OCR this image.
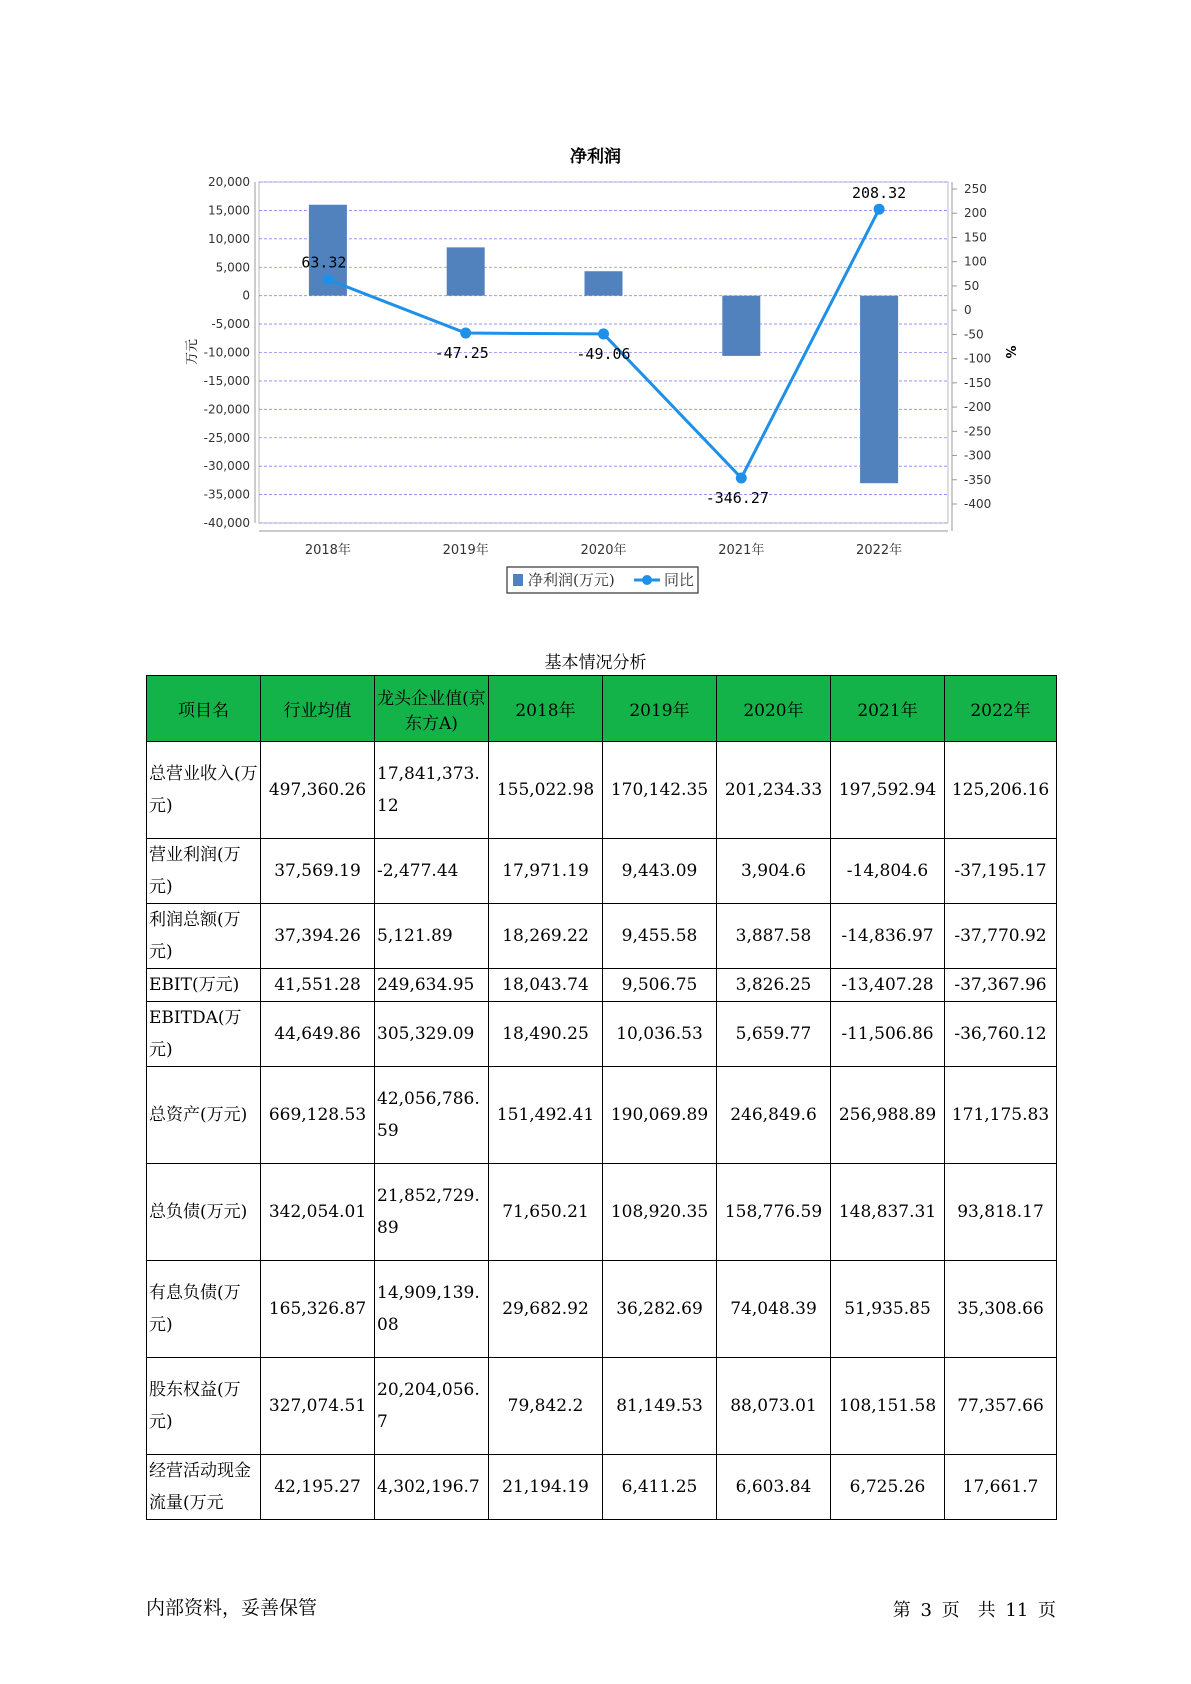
净利润
20,000
15,000
10,000
5,000
0
-5,000
-10,000
-15,000
-20,000
-25,000
-30,000
-35,000
-40,000
250
200
150
100
50
0
-50
-100
-150
-200
-250
-300
-350
-400
万元	%
2018年	2019年	2020年	2021年	2022年
63.32
-47.25	-49.06
-346.27
208.32
净利润(万元)	同比
基本情况分析
项目名	行业均值	龙头企业值(京东方A)	2018年	2019年	2020年	2021年	2022年
总营业收入(万元)	497,360.26	17,841,373.12	155,022.98	170,142.35	201,234.33	197,592.94	125,206.16
营业利润(万元)	37,569.19	-2,477.44	17,971.19	9,443.09	3,904.6	-14,804.6	-37,195.17
利润总额(万元)	37,394.26	5,121.89	18,269.22	9,455.58	3,887.58	-14,836.97	-37,770.92
EBIT(万元)	41,551.28	249,634.95	18,043.74	9,506.75	3,826.25	-13,407.28	-37,367.96
EBITDA(万元)	44,649.86	305,329.09	18,490.25	10,036.53	5,659.77	-11,506.86	-36,760.12
总资产(万元)	669,128.53	42,056,786.59	151,492.41	190,069.89	246,849.6	256,988.89	171,175.83
总负债(万元)	342,054.01	21,852,729.89	71,650.21	108,920.35	158,776.59	148,837.31	93,818.17
有息负债(万元)	165,326.87	14,909,139.08	29,682.92	36,282.69	74,048.39	51,935.85	35,308.66
股东权益(万元)	327,074.51	20,204,056.7	79,842.2	81,149.53	88,073.01	108,151.58	77,357.66
经营活动现金流量(万元	42,195.27	4,302,196.7	21,194.19	6,411.25	6,603.84	6,725.26	17,661.7
内部资料，妥善保管	第 3 页　共 11 页
